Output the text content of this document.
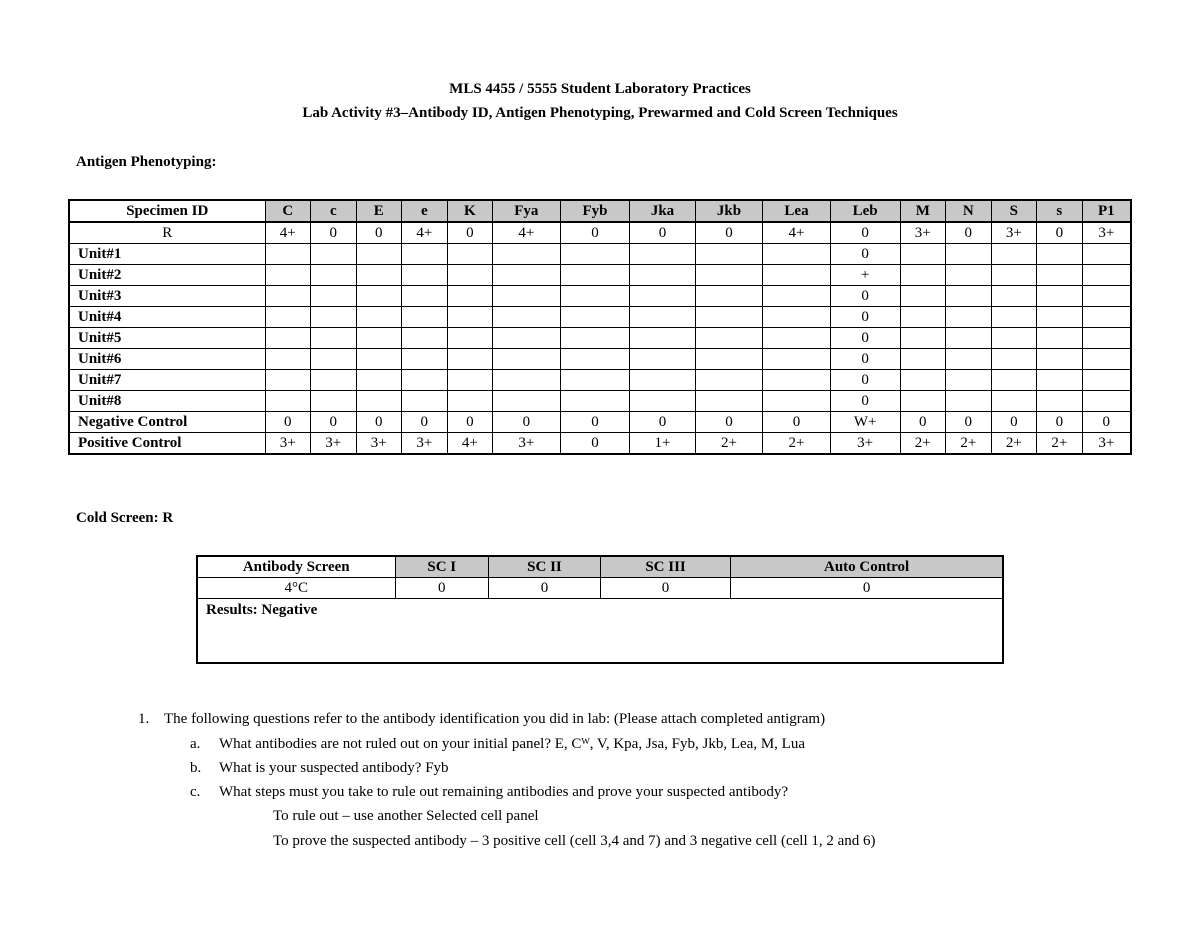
MLS 4455 / 5555 Student Laboratory Practices
Lab Activity #3–Antibody ID, Antigen Phenotyping, Prewarmed and Cold Screen Techniques
Antigen Phenotyping:
Specimen ID	C	c	E	e	K	Fya	Fyb	Jka	Jkb	Lea	Leb	M	N	S	s	P1
R	4+	0	0	4+	0	4+	0	0	0	4+	0	3+	0	3+	0	3+
Unit#1											0					
Unit#2											+					
Unit#3											0					
Unit#4											0					
Unit#5											0					
Unit#6											0					
Unit#7											0					
Unit#8											0					
Negative Control	0	0	0	0	0	0	0	0	0	0	W+	0	0	0	0	0
Positive Control	3+	3+	3+	3+	4+	3+	0	1+	2+	2+	3+	2+	2+	2+	2+	3+
Cold Screen: R
Antibody Screen	SC I	SC II	SC III	Auto Control
4°C	0	0	0	0
Results: Negative				
1. The following questions refer to the antibody identification you did in lab: (Please attach completed antigram)
a. What antibodies are not ruled out on your initial panel? E, Cᵂ, V, Kpa, Jsa, Fyb, Jkb, Lea, M, Lua
b. What is your suspected antibody? Fyb
c. What steps must you take to rule out remaining antibodies and prove your suspected antibody?
To rule out – use another Selected cell panel
To prove the suspected antibody – 3 positive cell (cell 3,4 and 7) and 3 negative cell (cell 1, 2 and 6)
